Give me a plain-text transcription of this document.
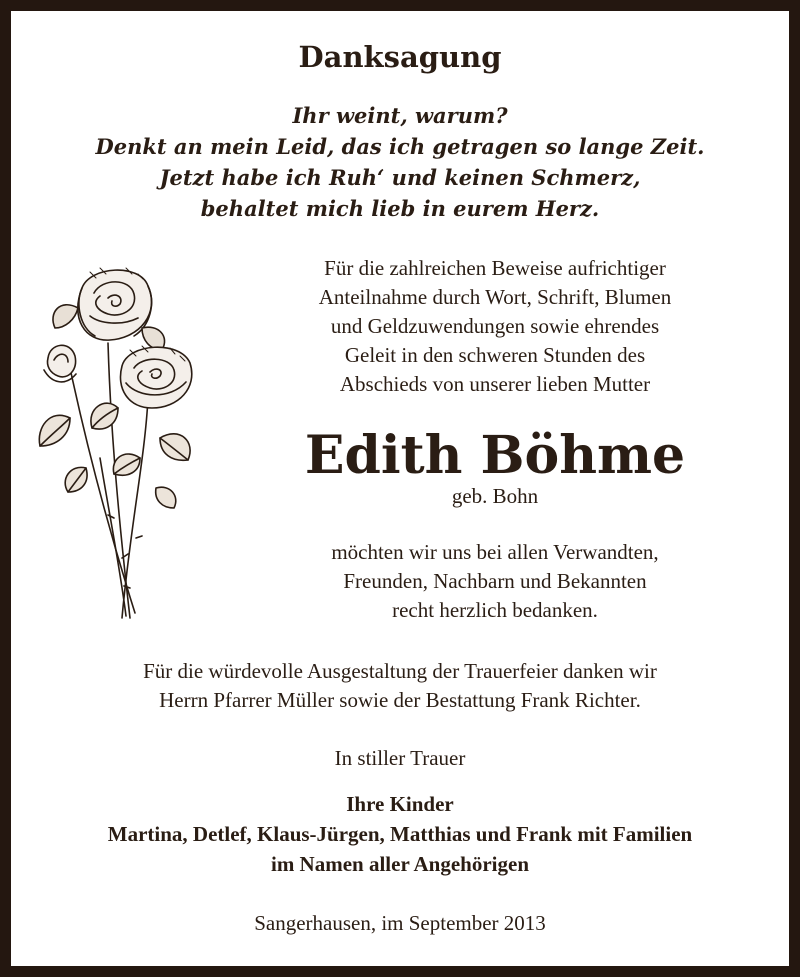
Danksagung
Ihr weint, warum?
Denkt an mein Leid, das ich getragen so lange Zeit.
Jetzt habe ich Ruh‘ und keinen Schmerz,
behaltet mich lieb in eurem Herz.
Für die zahlreichen Beweise aufrichtiger
Anteilnahme durch Wort, Schrift, Blumen
und Geldzuwendungen sowie ehrendes
Geleit in den schweren Stunden des
Abschieds von unserer lieben Mutter
Edith Böhme
geb. Bohn
möchten wir uns bei allen Verwandten,
Freunden, Nachbarn und Bekannten
recht herzlich bedanken.
Für die würdevolle Ausgestaltung der Trauerfeier danken wir
Herrn Pfarrer Müller sowie der Bestattung Frank Richter.
In stiller Trauer
Ihre Kinder
Martina, Detlef, Klaus-Jürgen, Matthias und Frank mit Familien
im Namen aller Angehörigen
Sangerhausen, im September 2013
